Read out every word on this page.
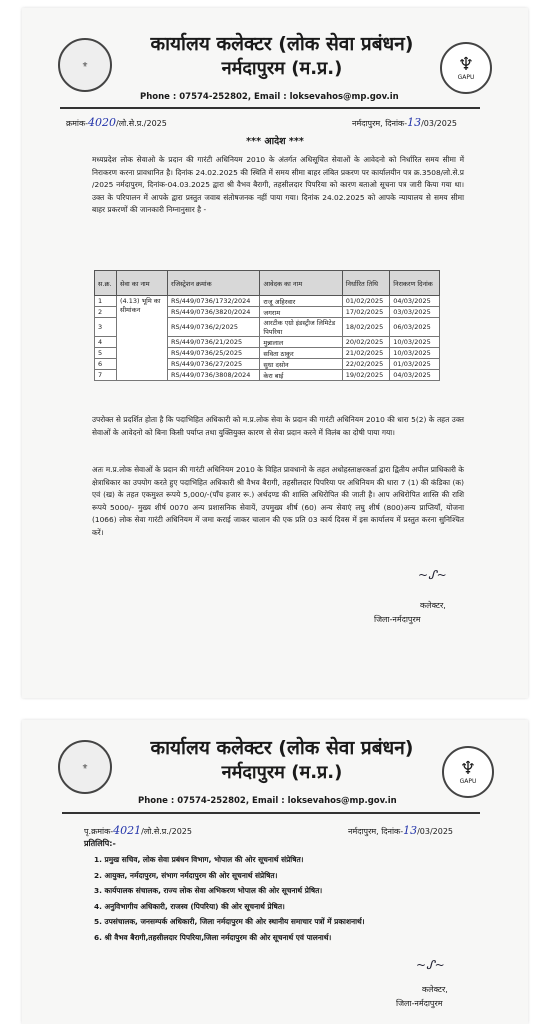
⚜
कार्यालय कलेक्टर (लोक सेवा प्रबंधन)
नर्मदापुरम (म.प्र.)	♆
GAPU
Phone : 07574-252802, Email : loksevahos@mp.gov.in
क्रमांक-4020/लो.से.प्र./2025	नर्मदापुरम, दिनांक-13/03/2025
*** आदेश ***
मध्यप्रदेश लोक सेवाओ के प्रदान की गारंटी अधिनियम 2010 के अंतर्गत अधिसूचित सेवाओं के आवेदनो को निर्धारित समय सीमा में निराकरण करना प्रावधानित है। दिनांक 24.02.2025 की स्थिति में समय सीमा बाहर लंबित प्रकरण पर कार्यालयीन पत्र क्र.3508/लो.से.प्र /2025 नर्मदापुरम, दिनांक-04.03.2025 द्वारा श्री वैभव बैरागी, तहसीलदार पिपरिया को कारण बताओ सूचना पत्र जारी किया गया था। उक्त के परिपालन में आपके द्वारा प्रस्तुत जवाब संतोषजनक नहीं पाया गया। दिनांक 24.02.2025 को आपके न्यायालय से समय सीमा बाहर प्रकरणों की जानकारी निम्नानुसार है -
स.क्र.	सेवा का नाम	रजिस्ट्रेशन क्रमांक	आवेदक का नाम	निर्धारित तिथि	निराकरण दिनांक
1	(4.13) भूमि का सीमांकन	RS/449/0736/1732/2024	राजू अहिरवार	01/02/2025	04/03/2025
2		RS/449/0736/3820/2024	जगराम	17/02/2025	03/03/2025
3		RS/449/0736/2/2025	आरटीक एग्रो इंडस्ट्रीज लिमिटेड पिपरिया	18/02/2025	06/03/2025
4		RS/449/0736/21/2025	मुन्नालाल	20/02/2025	10/03/2025
5		RS/449/0736/25/2025	सविता ठाकुर	21/02/2025	10/03/2025
6		RS/449/0736/27/2025	सुधा दसोन	22/02/2025	01/03/2025
7		RS/449/0736/3808/2024	केरा बाई	19/02/2025	04/03/2025
उपरोक्त से प्रदर्शित होता है कि पदाभिहित अधिकारी को म.प्र.लोक सेवा के प्रदान की गारंटी अधिनियम 2010 की धारा 5(2) के तहत उक्त सेवाओं के आवेदनो को बिना किसी पर्याप्त तथा युक्तियुक्त कारण से सेवा प्रदान करने में विलंब का दोषी पाया गया।
अतः म.प्र.लोक सेवाओं के प्रदान की गारंटी अधिनियम 2010 के विहित प्रावधानो के तहत अधोहस्ताक्षरकर्ता द्वारा द्वितीय अपील प्राधिकारी के क्षेत्राधिकार का उपयोग करते हुए पदाभिहित अधिकारी श्री वैभव बैरागी, तहसीलदार पिपरिया पर अधिनियम की धारा 7 (1) की कंडिका (क) एवं (ख) के तहत एकमुश्त रूपये 5,000/-(पाँच हजार रू.) अर्थदण्ड की शास्ति अधिरोपित की जाती है। आप अधिरोपित शास्ति की राशि रूपये 5000/- मुख्य शीर्ष 0070 अन्य प्रशासनिक सेवायें, उपमुख्य शीर्ष (60) अन्य सेवाएं लघु शीर्ष (800)अन्य प्राप्तियाँ, योजना (1066) लोक सेवा गारंटी अधिनियम में जमा कराई जाकर चालान की एक प्रति 03 कार्य दिवस में इस कार्यालय में प्रस्तुत करना सुनिश्चित करें।
~ᔑ~
कलेक्टर,
जिला-नर्मदापुरम
⚜
कार्यालय कलेक्टर (लोक सेवा प्रबंधन)
नर्मदापुरम (म.प्र.)	♆
GAPU
Phone : 07574-252802, Email : loksevahos@mp.gov.in
पृ.क्रमांक-4021/लो.से.प्र./2025	नर्मदापुरम, दिनांक-13/03/2025
प्रतिलिपि:-
1. प्रमुख सचिव, लोक सेवा प्रबंधन विभाग, भोपाल की ओर सूचनार्थ संप्रेषित।
2. आयुक्त, नर्मदापुरम, संभाग नर्मदापुरम की ओर सूचनार्थ संप्रेषित।
3. कार्यपालक संचालक, राज्य लोक सेवा अभिकरण भोपाल की ओर सूचनार्थ प्रेषित।
4. अनुविभागीय अधिकारी, राजस्व (पिपरिया) की ओर सूचनार्थ प्रेषित।
5. उपसंचालक, जनसम्पर्क अधिकारी, जिला नर्मदापुरम की ओर स्थानीय समाचार पत्रों में प्रकाशनार्थ।
6. श्री वैभव बैरागी,तहसीलदार पिपरिया,जिला नर्मदापुरम की ओर सूचनार्थ एवं पालनार्थ।
~ᔑ~
कलेक्टर,
जिला-नर्मदापुरम
